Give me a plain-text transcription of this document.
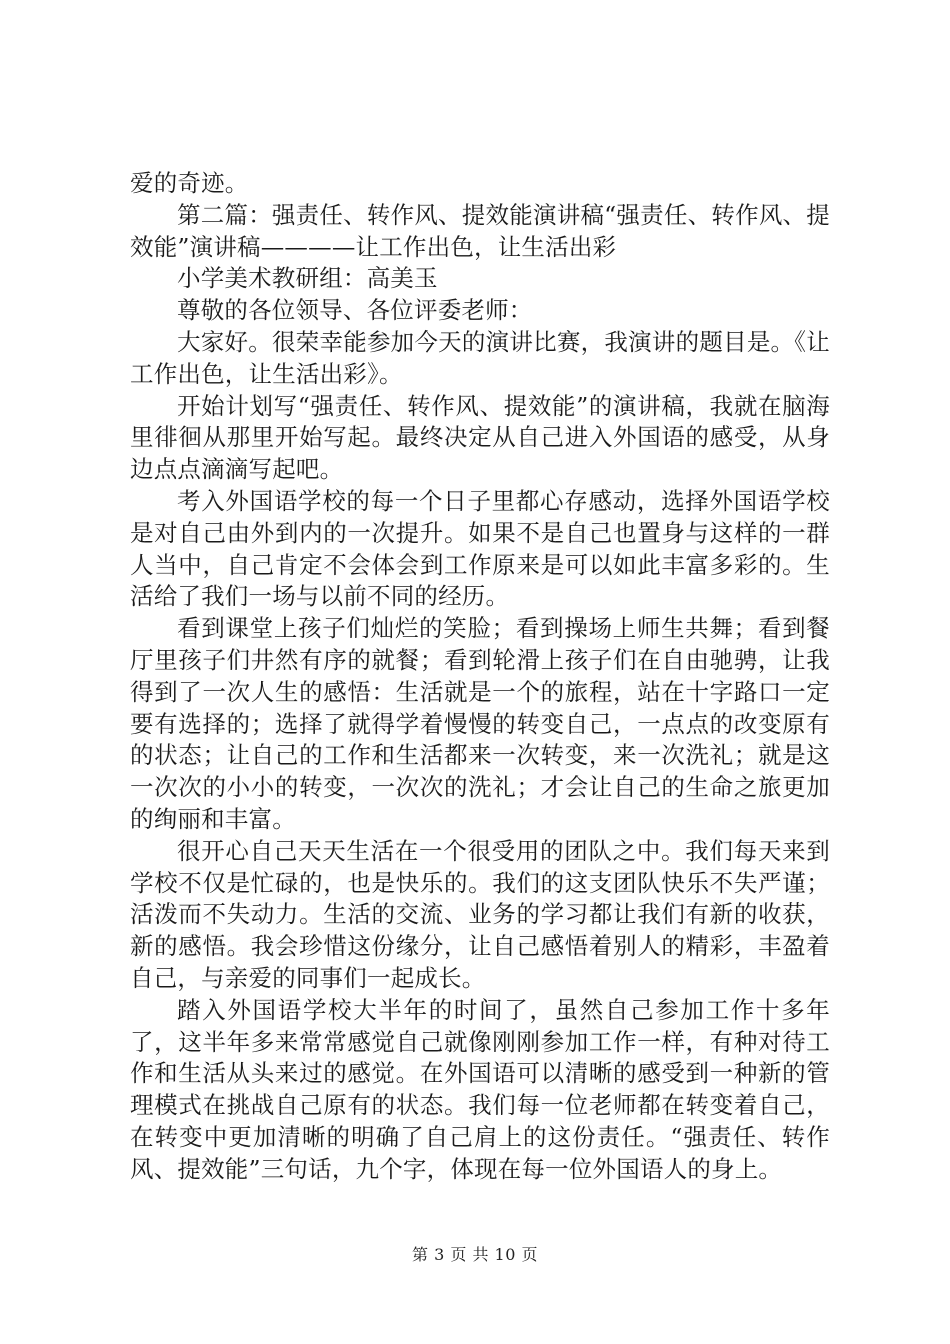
爱的奇迹。

第二篇：强责任、转作风、提效能演讲稿“强责任、转作风、提效能”演讲稿————让工作出色，让生活出彩

小学美术教研组：高美玉

尊敬的各位领导、各位评委老师：

大家好。很荣幸能参加今天的演讲比赛，我演讲的题目是。《让工作出色，让生活出彩》。

开始计划写“强责任、转作风、提效能”的演讲稿，我就在脑海里徘徊从那里开始写起。最终决定从自己进入外国语的感受，从身边点点滴滴写起吧。

考入外国语学校的每一个日子里都心存感动，选择外国语学校是对自己由外到内的一次提升。如果不是自己也置身与这样的一群人当中，自己肯定不会体会到工作原来是可以如此丰富多彩的。生活给了我们一场与以前不同的经历。

看到课堂上孩子们灿烂的笑脸；看到操场上师生共舞；看到餐厅里孩子们井然有序的就餐；看到轮滑上孩子们在自由驰骋，让我得到了一次人生的感悟：生活就是一个的旅程，站在十字路口一定要有选择的；选择了就得学着慢慢的转变自己，一点点的改变原有的状态；让自己的工作和生活都来一次转变，来一次洗礼；就是这一次次的小小的转变，一次次的洗礼；才会让自己的生命之旅更加的绚丽和丰富。

很开心自己天天生活在一个很受用的团队之中。我们每天来到学校不仅是忙碌的，也是快乐的。我们的这支团队快乐不失严谨；活泼而不失动力。生活的交流、业务的学习都让我们有新的收获，新的感悟。我会珍惜这份缘分，让自己感悟着别人的精彩，丰盈着自己，与亲爱的同事们一起成长。

踏入外国语学校大半年的时间了，虽然自己参加工作十多年了，这半年多来常常感觉自己就像刚刚参加工作一样，有种对待工作和生活从头来过的感觉。在外国语可以清晰的感受到一种新的管理模式在挑战自己原有的状态。我们每一位老师都在转变着自己，在转变中更加清晰的明确了自己肩上的这份责任。“强责任、转作风、提效能”三句话，九个字，体现在每一位外国语人的身上。

第 3 页 共 10 页
